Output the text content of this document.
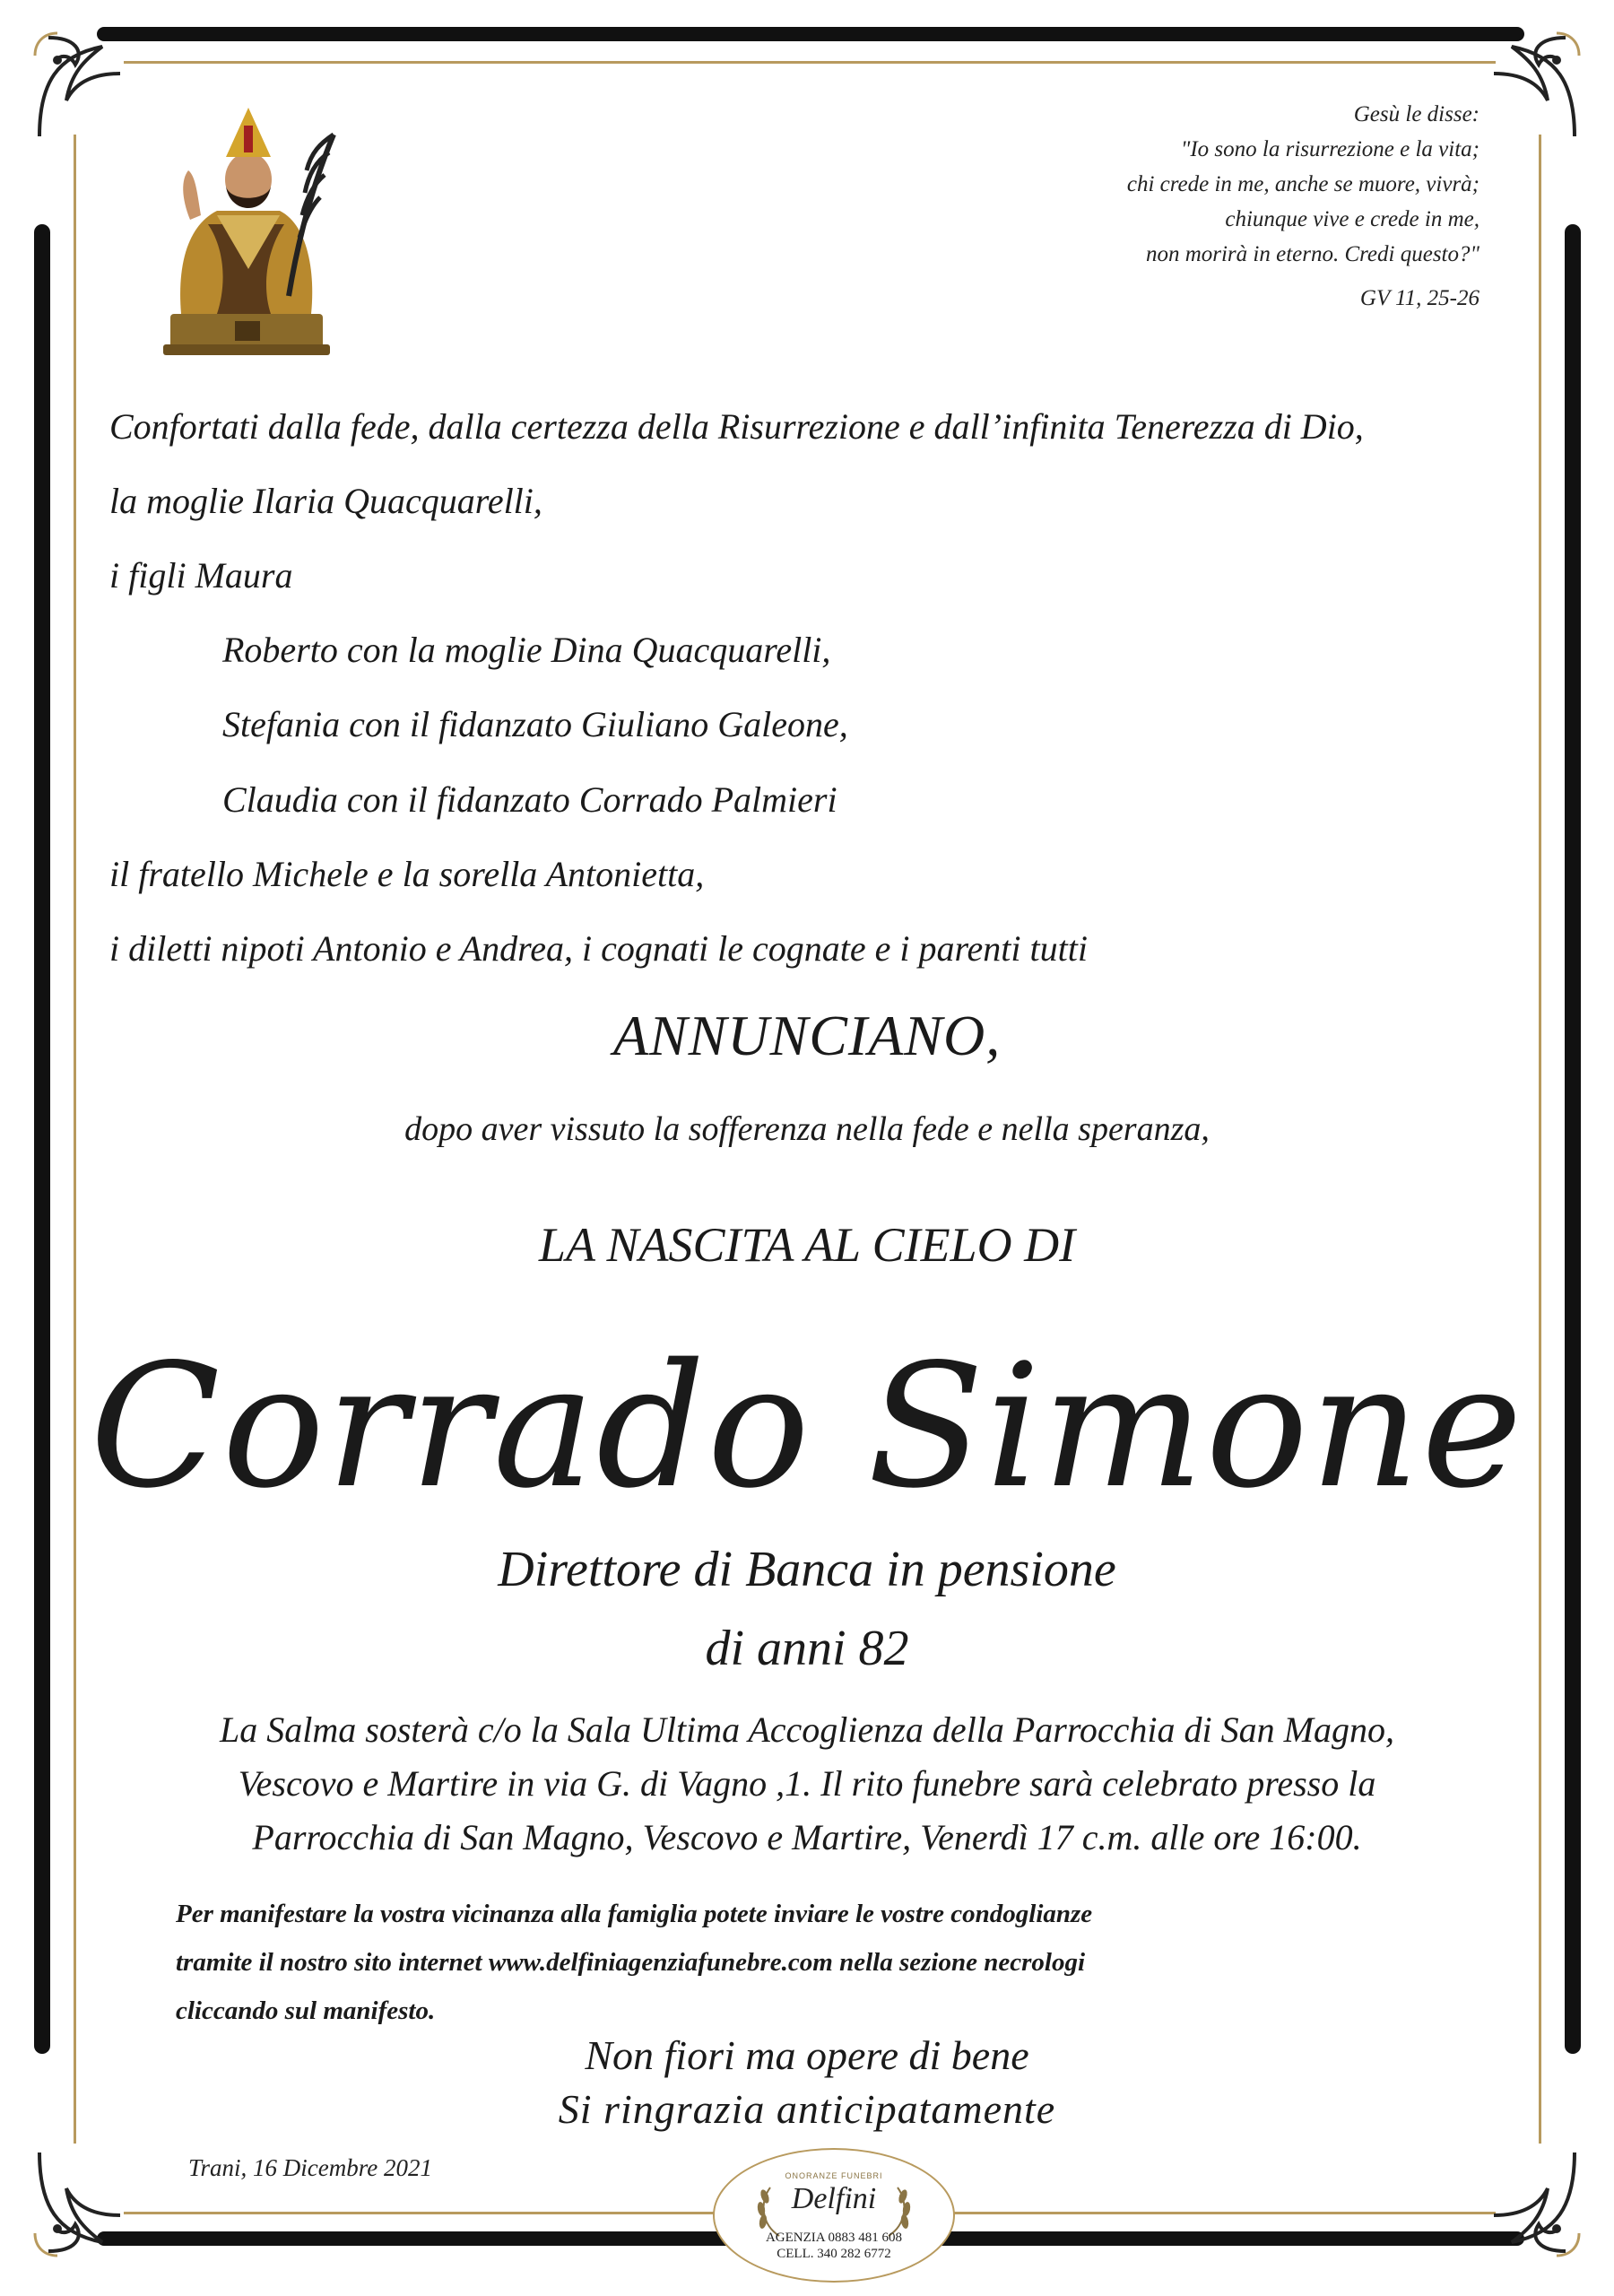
Gesù le disse:
"Io sono la risurrezione e la vita;
chi crede in me, anche se muore, vivrà;
chiunque vive e crede in me,
non morirà in eterno. Credi questo?"
GV 11, 25-26
Confortati dalla fede, dalla certezza della Risurrezione e dall’infinita Tenerezza di Dio,
la moglie Ilaria Quacquarelli,
i figli Maura
Roberto con la moglie Dina Quacquarelli,
Stefania con il fidanzato Giuliano Galeone,
Claudia con il fidanzato Corrado Palmieri
il fratello Michele e la sorella Antonietta,
i diletti nipoti Antonio e Andrea, i cognati le cognate e i parenti tutti
ANNUNCIANO,
dopo aver vissuto la sofferenza nella fede e nella speranza,
LA NASCITA AL CIELO DI
Corrado Simone
Direttore di Banca in pensione
di anni 82
La Salma sosterà c/o la Sala Ultima Accoglienza della Parrocchia di San Magno,
Vescovo e Martire in via G. di Vagno ,1. Il rito funebre sarà celebrato presso la
Parrocchia di San Magno, Vescovo e Martire, Venerdì 17 c.m. alle ore 16:00.
Per manifestare la vostra vicinanza alla famiglia potete inviare le vostre condoglianze
tramite il nostro sito internet www.delfiniagenziafunebre.com nella sezione necrologi
cliccando sul manifesto.
Non fiori ma opere di bene
Si ringrazia anticipatamente
Trani, 16 Dicembre 2021	ONORANZE FUNEBRI
Delfini
AGENZIA 0883 481 608
CELL. 340 282 6772
